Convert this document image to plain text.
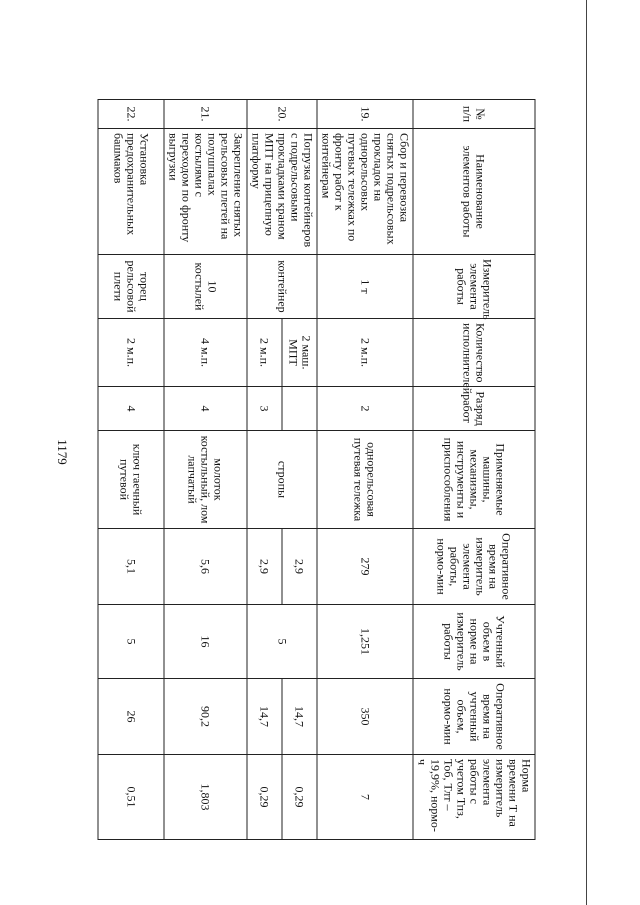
1179
№ п/п	Наименование элементов работы	Измеритель элемента работы	Количество исполнителей	Разряд работ	Применяемые машины, механизмы, инструменты и приспособления	Оперативное время на измеритель элемента работы, нормо-мин	Учтенный объем в норме на измеритель работы	Оперативное время на учтенный объем, нормо-мин	Норма времени Т на измеритель элемента работы с учетом Тпз, Тоб, Тлт – 19,9%, нормо-ч
19.	Сбор и перевозка снятых подрельсовых прокладок на однорельсовых путевых тележках по фронту работ к контейнерам	1 т	2 м.п.	2	однорельсовая путевая тележка	279	1,251	350	7
20.	Погрузка контейнеров с подрельсовыми прокладками краном МПТ на прицепную платформу	контейнер	2 маш. МПТ		стропы	2,9	5	14,7	0,29
			2 м.п.	3		2,9		14,7	0,29
21.	Закрепление снятых рельсовых плетей на полушпалах костылями с переходом по фронту выгрузки	10 костылей	4 м.п.	4	молоток костыльный, лом лапчатый	5,6	16	90,2	1,803
22.	Установка предохранительных башмаков	торец рельсовой плети	2 м.п.	4	ключ гаечный путевой	5,1	5	26	0,51
